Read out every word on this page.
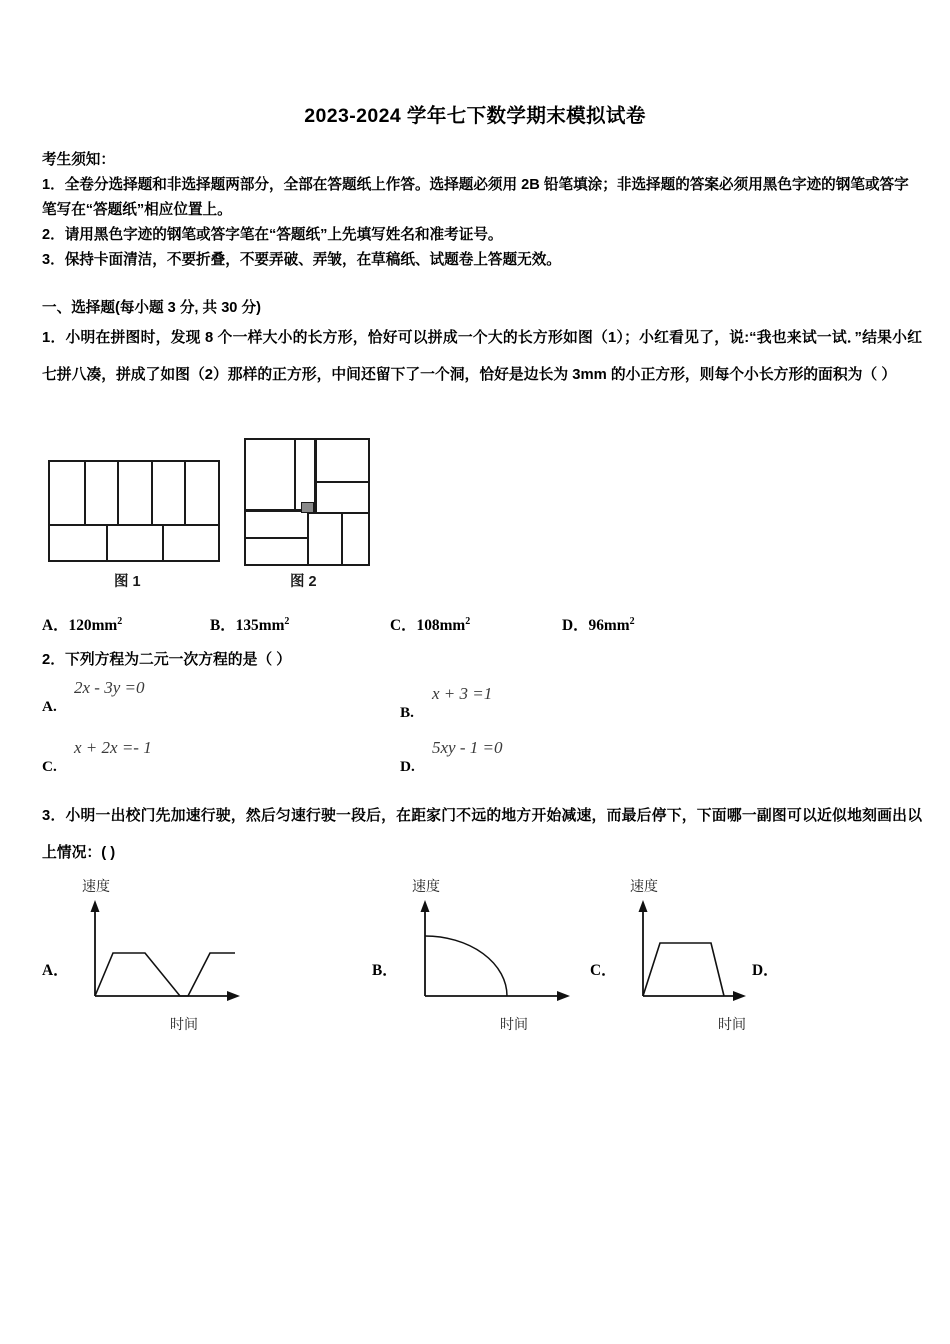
2023-2024 学年七下数学期末模拟试卷
考生须知：
1．全卷分选择题和非选择题两部分，全部在答题纸上作答。选择题必须用 2B 铅笔填涂；非选择题的答案必须用黑色字迹的钢笔或答字笔写在“答题纸”相应位置上。
2．请用黑色字迹的钢笔或答字笔在“答题纸”上先填写姓名和准考证号。
3．保持卡面清洁，不要折叠，不要弄破、弄皱，在草稿纸、试题卷上答题无效。
一、选择题(每小题 3 分, 共 30 分)
1．小明在拼图时，发现 8 个一样大小的长方形，恰好可以拼成一个大的长方形如图（1）；小红看见了，说:“我也来试一试．”结果小红七拼八凑，拼成了如图（2）那样的正方形，中间还留下了一个洞，恰好是边长为 3mm 的小正方形，则每个小长方形的面积为（ ）
图 1	图 2
A．$120mm^2$	B．$135mm^2$	C．$108mm^2$	D．$96mm^2$
2．下列方程为二元一次方程的是（ ）
A.
2x - 3y =0
B.
x + 3 =1
C.
x + 2x =- 1
D.
5xy - 1 =0
3．小明一出校门先加速行驶，然后匀速行驶一段后，在距家门不远的地方开始减速，而最后停下，下面哪一副图可以近似地刻画出以上情况：( )
A．
速度
时间
B．
速度
时间
C．
速度
时间
D．
